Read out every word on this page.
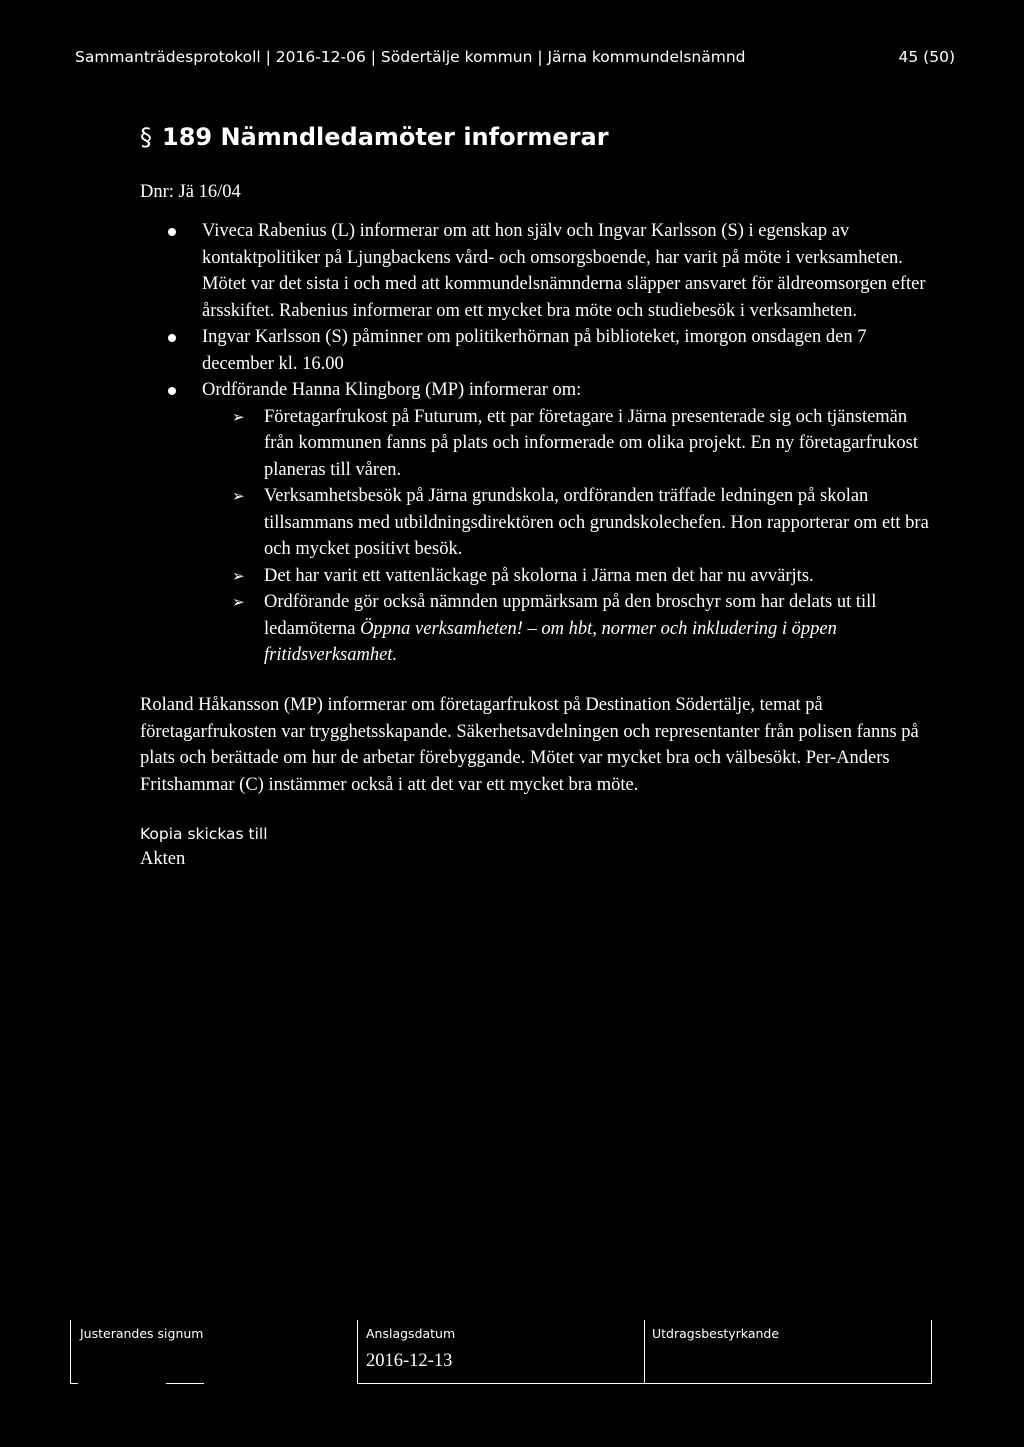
Sammanträdesprotokoll | 2016-12-06 | Södertälje kommun | Järna kommundelsnämnd	45 (50)
§ 189 Nämndledamöter informerar
Dnr: Jä 16/04
Viveca Rabenius (L) informerar om att hon själv och Ingvar Karlsson (S) i egenskap av kontaktpolitiker på Ljungbackens vård- och omsorgsboende, har varit på möte i verksamheten. Mötet var det sista i och med att kommundelsnämnderna släpper ansvaret för äldreomsorgen efter årsskiftet. Rabenius informerar om ett mycket bra möte och studiebesök i verksamheten.
Ingvar Karlsson (S) påminner om politikerhörnan på biblioteket, imorgon onsdagen den 7 december kl. 16.00
Ordförande Hanna Klingborg (MP) informerar om:
➢ Företagarfrukost på Futurum, ett par företagare i Järna presenterade sig och tjänstemän från kommunen fanns på plats och informerade om olika projekt. En ny företagarfrukost planeras till våren.
➢ Verksamhetsbesök på Järna grundskola, ordföranden träffade ledningen på skolan tillsammans med utbildningsdirektören och grundskolechefen. Hon rapporterar om ett bra och mycket positivt besök.
➢ Det har varit ett vattenläckage på skolorna i Järna men det har nu avvärjts.
➢ Ordförande gör också nämnden uppmärksam på den broschyr som har delats ut till ledamöterna Öppna verksamheten! – om hbt, normer och inkludering i öppen fritidsverksamhet.

Roland Håkansson (MP) informerar om företagarfrukost på Destination Södertälje, temat på företagarfrukosten var trygghetsskapande. Säkerhetsavdelningen och representanter från polisen fanns på plats och berättade om hur de arbetar förebyggande. Mötet var mycket bra och välbesökt. Per-Anders Fritshammar (C) instämmer också i att det var ett mycket bra möte.

Kopia skickas till
Akten
Justerandes signum	Anslagsdatum
2016-12-13
Utdragsbestyrkande
